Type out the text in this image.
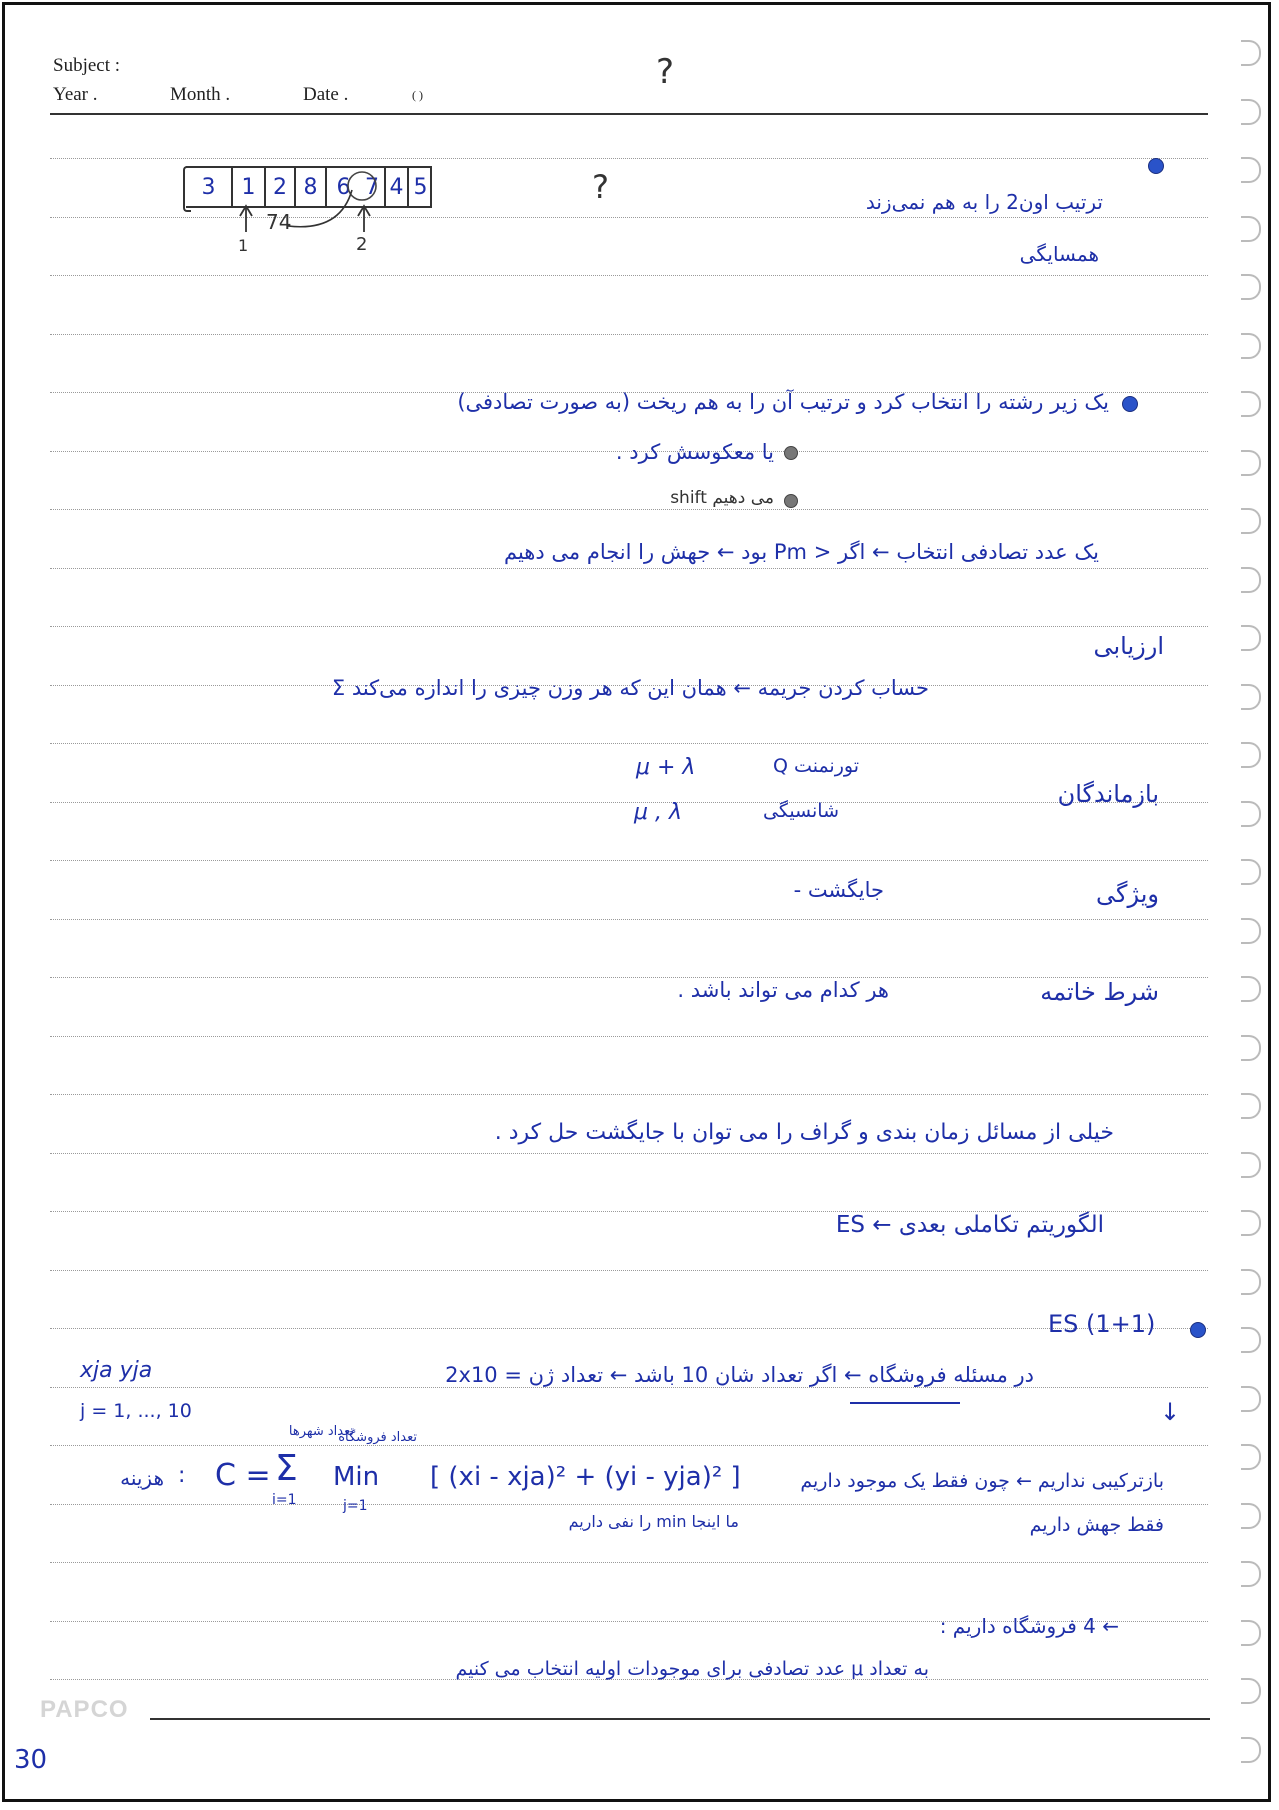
Subject :
Year .	Month .	Date .	( )
?
3	1 2 8 6 7 4 5
74
1	2
?	ترتیب اون2 را به هم نمی‌زند
همسایگی
یک زیر رشته را انتخاب کرد و ترتیب آن را به هم ریخت (به صورت تصادفی)
یا معکوسش کرد .
shift می دهیم
یک عدد تصادفی انتخاب ← اگر < Pm بود ← جهش را انجام می دهیم
ارزیابی
حساب کردن جریمه ← همان این که هر وزن چیزی را اندازه می‌کند Σ
μ + λ	تورنمنت Q
μ , λ	شانسیگی
بازماندگان
ویژگی
جایگشت -
شرط خاتمه
هر کدام می تواند باشد .
خیلی از مسائل زمان بندی و گراف را می توان با جایگشت حل کرد .
الگوریتم تکاملی بعدی ← ES
ES (1+1)
در مسئله فروشگاه ← اگر تعداد شان 10 باشد ← تعداد ژن = 2x10
xja yja
j = 1, ..., 10	↓
هزینه : C = Σ
i=1
تعداد شهرها
Min
j=1
تعداد فروشگاه
[ (xi - xja)² + (yi - yja)² ]	بازترکیبی نداریم ← چون فقط یک موجود داریم
فقط جهش داریم
ما اینجا min را نفی داریم
← 4 فروشگاه داریم :
به تعداد μ عدد تصادفی برای موجودات اولیه انتخاب می کنیم
PAPCO
30
